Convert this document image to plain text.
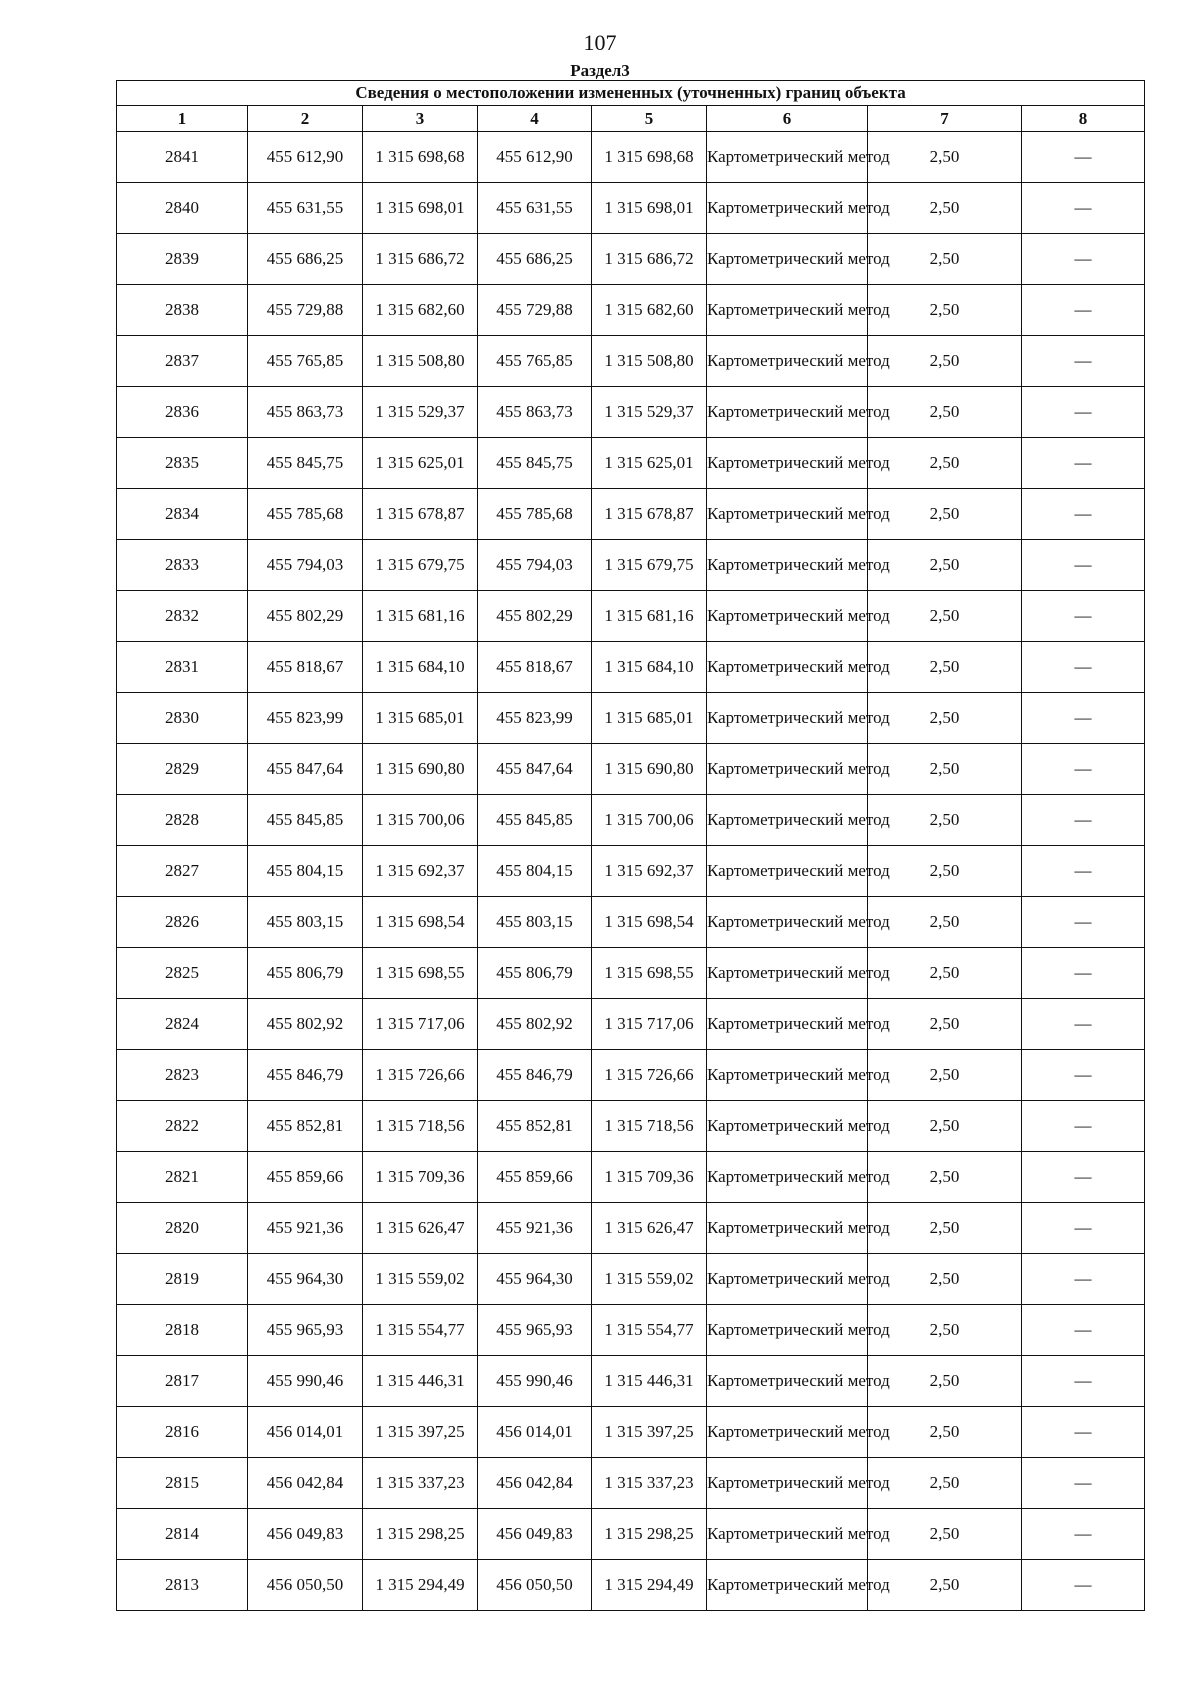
107
Раздел3
Сведения о местоположении измененных (уточненных) границ объекта							
1	2	3	4	5	6	7	8
2841	455 612,90	1 315 698,68	455 612,90	1 315 698,68	Картометрический метод	2,50	—
2840	455 631,55	1 315 698,01	455 631,55	1 315 698,01	Картометрический метод	2,50	—
2839	455 686,25	1 315 686,72	455 686,25	1 315 686,72	Картометрический метод	2,50	—
2838	455 729,88	1 315 682,60	455 729,88	1 315 682,60	Картометрический метод	2,50	—
2837	455 765,85	1 315 508,80	455 765,85	1 315 508,80	Картометрический метод	2,50	—
2836	455 863,73	1 315 529,37	455 863,73	1 315 529,37	Картометрический метод	2,50	—
2835	455 845,75	1 315 625,01	455 845,75	1 315 625,01	Картометрический метод	2,50	—
2834	455 785,68	1 315 678,87	455 785,68	1 315 678,87	Картометрический метод	2,50	—
2833	455 794,03	1 315 679,75	455 794,03	1 315 679,75	Картометрический метод	2,50	—
2832	455 802,29	1 315 681,16	455 802,29	1 315 681,16	Картометрический метод	2,50	—
2831	455 818,67	1 315 684,10	455 818,67	1 315 684,10	Картометрический метод	2,50	—
2830	455 823,99	1 315 685,01	455 823,99	1 315 685,01	Картометрический метод	2,50	—
2829	455 847,64	1 315 690,80	455 847,64	1 315 690,80	Картометрический метод	2,50	—
2828	455 845,85	1 315 700,06	455 845,85	1 315 700,06	Картометрический метод	2,50	—
2827	455 804,15	1 315 692,37	455 804,15	1 315 692,37	Картометрический метод	2,50	—
2826	455 803,15	1 315 698,54	455 803,15	1 315 698,54	Картометрический метод	2,50	—
2825	455 806,79	1 315 698,55	455 806,79	1 315 698,55	Картометрический метод	2,50	—
2824	455 802,92	1 315 717,06	455 802,92	1 315 717,06	Картометрический метод	2,50	—
2823	455 846,79	1 315 726,66	455 846,79	1 315 726,66	Картометрический метод	2,50	—
2822	455 852,81	1 315 718,56	455 852,81	1 315 718,56	Картометрический метод	2,50	—
2821	455 859,66	1 315 709,36	455 859,66	1 315 709,36	Картометрический метод	2,50	—
2820	455 921,36	1 315 626,47	455 921,36	1 315 626,47	Картометрический метод	2,50	—
2819	455 964,30	1 315 559,02	455 964,30	1 315 559,02	Картометрический метод	2,50	—
2818	455 965,93	1 315 554,77	455 965,93	1 315 554,77	Картометрический метод	2,50	—
2817	455 990,46	1 315 446,31	455 990,46	1 315 446,31	Картометрический метод	2,50	—
2816	456 014,01	1 315 397,25	456 014,01	1 315 397,25	Картометрический метод	2,50	—
2815	456 042,84	1 315 337,23	456 042,84	1 315 337,23	Картометрический метод	2,50	—
2814	456 049,83	1 315 298,25	456 049,83	1 315 298,25	Картометрический метод	2,50	—
2813	456 050,50	1 315 294,49	456 050,50	1 315 294,49	Картометрический метод	2,50	—
